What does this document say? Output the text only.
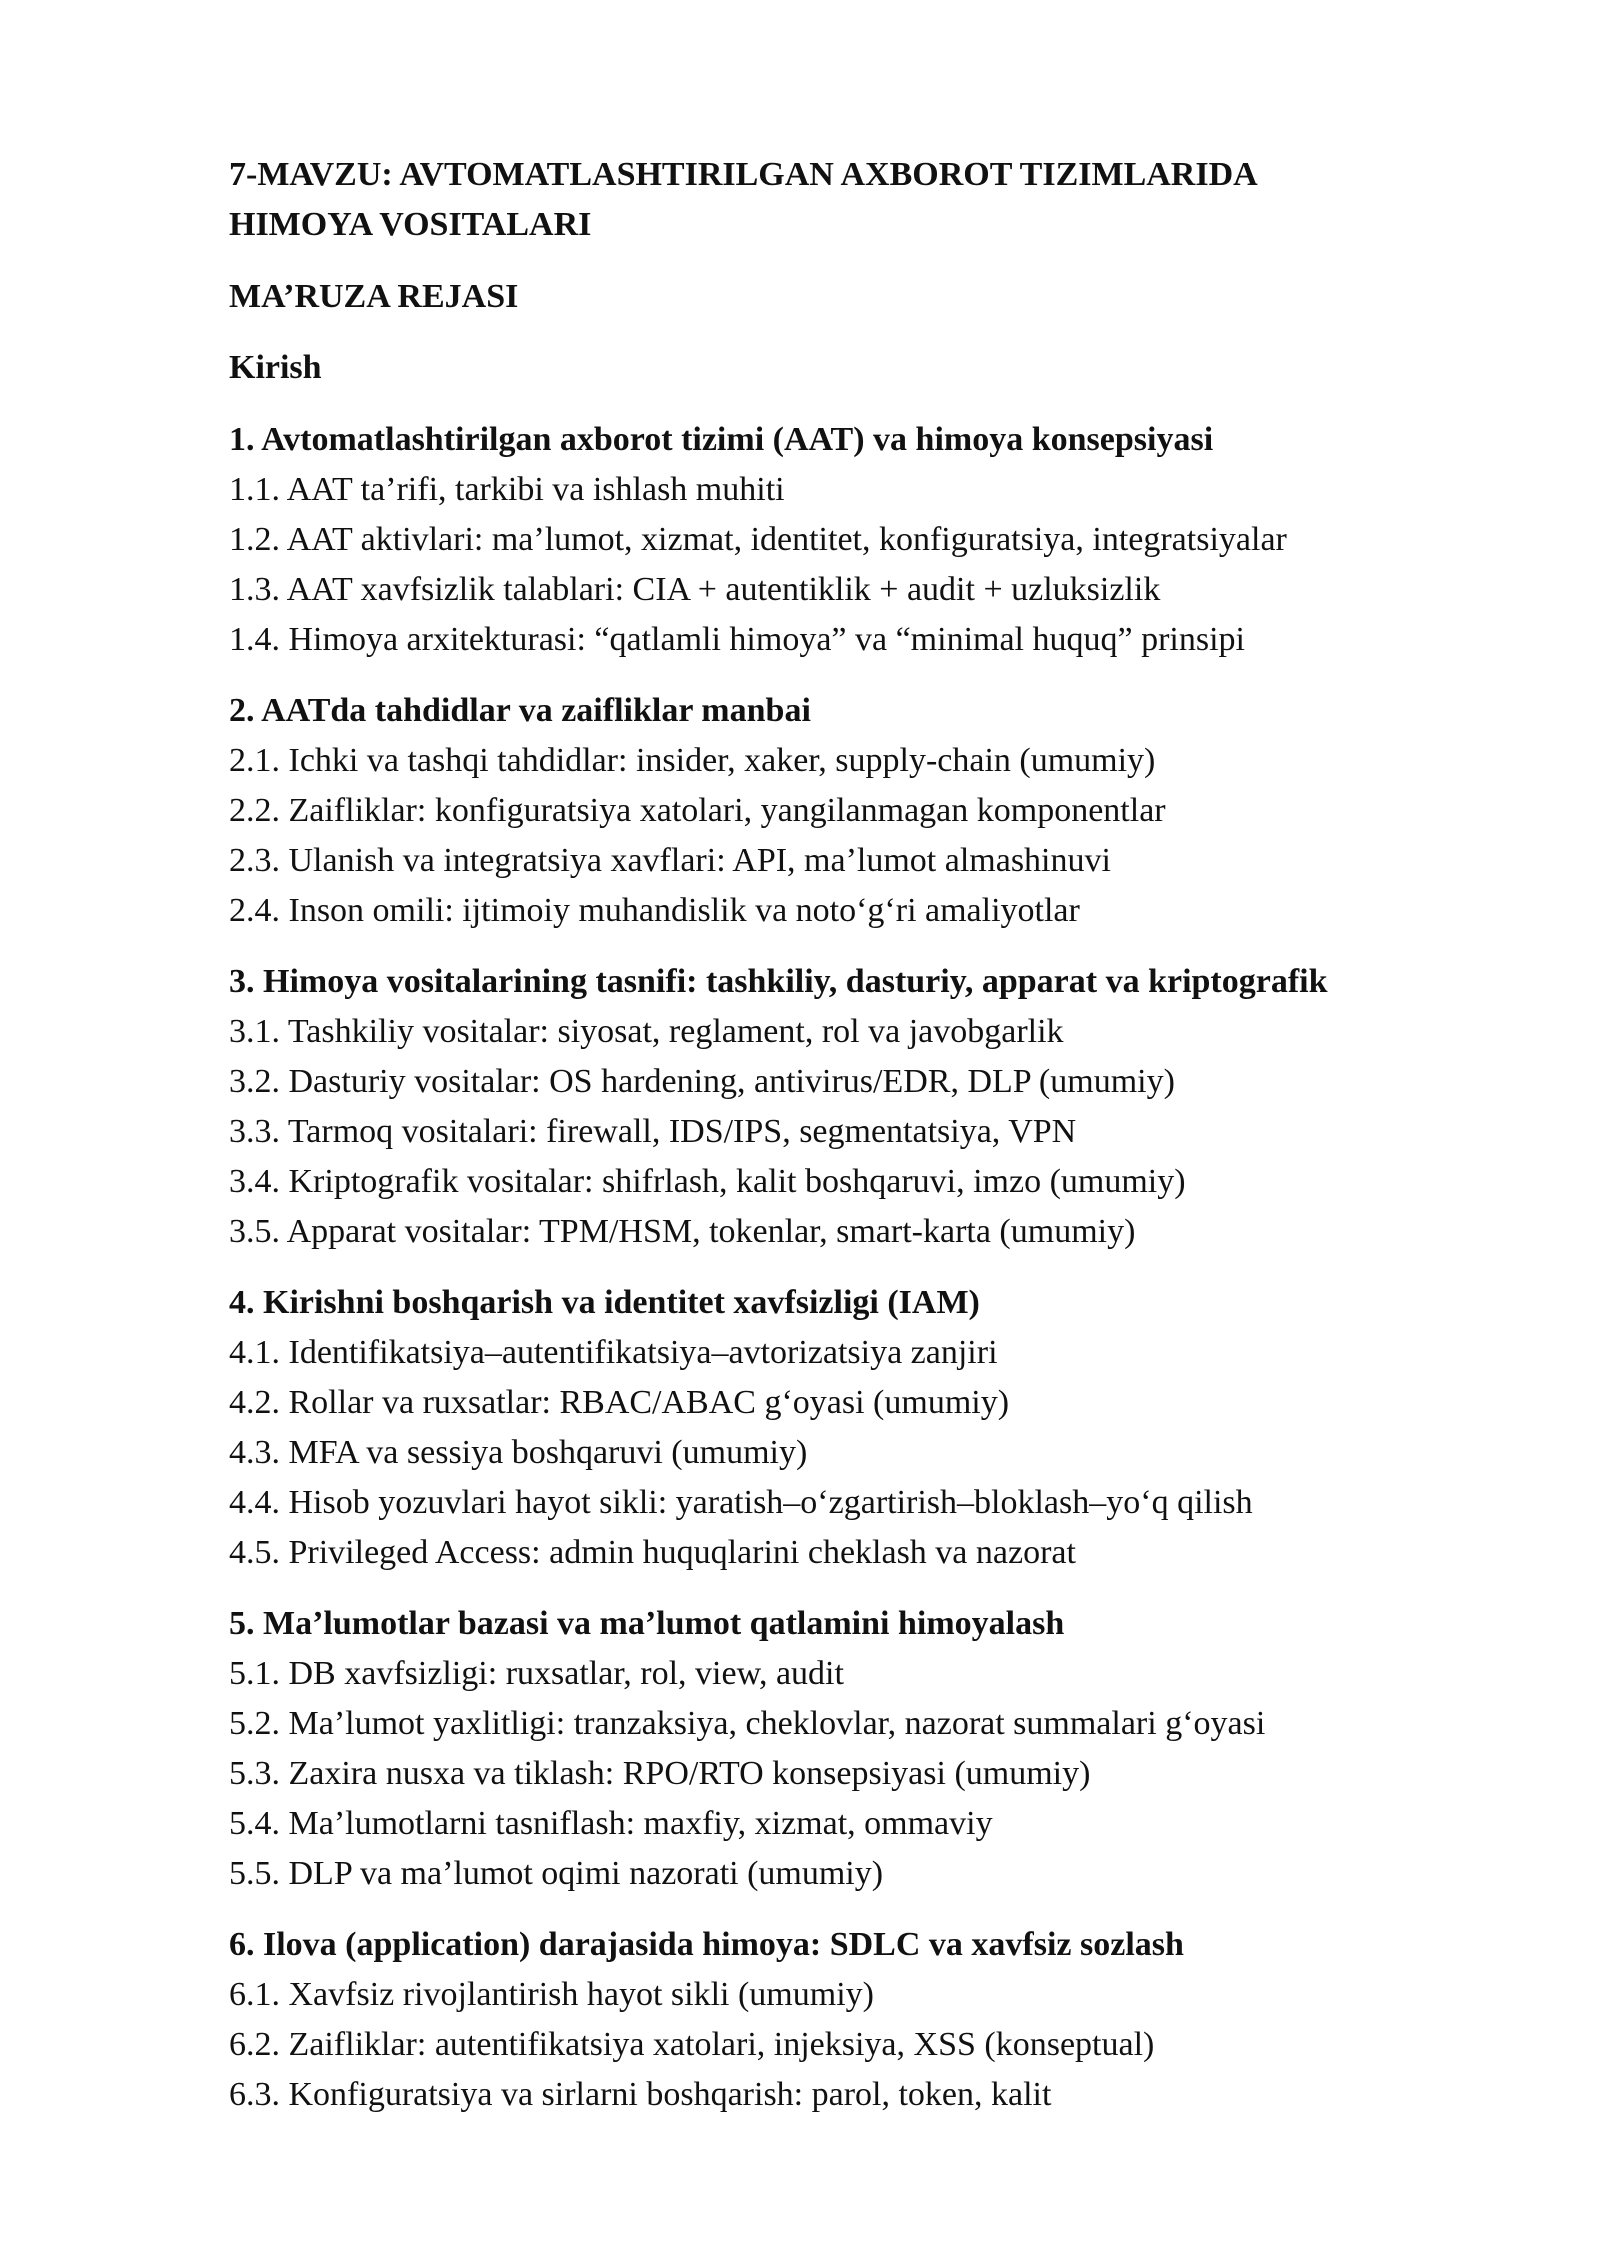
7-MAVZU: AVTOMATLASHTIRILGAN AXBOROT TIZIMLARIDA
HIMOYA VOSITALARI
MA’RUZA REJASI
Kirish
1. Avtomatlashtirilgan axborot tizimi (AAT) va himoya konsepsiyasi
1.1. AAT ta’rifi, tarkibi va ishlash muhiti
1.2. AAT aktivlari: ma’lumot, xizmat, identitet, konfiguratsiya, integratsiyalar
1.3. AAT xavfsizlik talablari: CIA + autentiklik + audit + uzluksizlik
1.4. Himoya arxitekturasi: “qatlamli himoya” va “minimal huquq” prinsipi
2. AATda tahdidlar va zaifliklar manbai
2.1. Ichki va tashqi tahdidlar: insider, xaker, supply-chain (umumiy)
2.2. Zaifliklar: konfiguratsiya xatolari, yangilanmagan komponentlar
2.3. Ulanish va integratsiya xavflari: API, ma’lumot almashinuvi
2.4. Inson omili: ijtimoiy muhandislik va noto‘g‘ri amaliyotlar
3. Himoya vositalarining tasnifi: tashkiliy, dasturiy, apparat va kriptografik
3.1. Tashkiliy vositalar: siyosat, reglament, rol va javobgarlik
3.2. Dasturiy vositalar: OS hardening, antivirus/EDR, DLP (umumiy)
3.3. Tarmoq vositalari: firewall, IDS/IPS, segmentatsiya, VPN
3.4. Kriptografik vositalar: shifrlash, kalit boshqaruvi, imzo (umumiy)
3.5. Apparat vositalar: TPM/HSM, tokenlar, smart-karta (umumiy)
4. Kirishni boshqarish va identitet xavfsizligi (IAM)
4.1. Identifikatsiya–autentifikatsiya–avtorizatsiya zanjiri
4.2. Rollar va ruxsatlar: RBAC/ABAC g‘oyasi (umumiy)
4.3. MFA va sessiya boshqaruvi (umumiy)
4.4. Hisob yozuvlari hayot sikli: yaratish–o‘zgartirish–bloklash–yo‘q qilish
4.5. Privileged Access: admin huquqlarini cheklash va nazorat
5. Ma’lumotlar bazasi va ma’lumot qatlamini himoyalash
5.1. DB xavfsizligi: ruxsatlar, rol, view, audit
5.2. Ma’lumot yaxlitligi: tranzaksiya, cheklovlar, nazorat summalari g‘oyasi
5.3. Zaxira nusxa va tiklash: RPO/RTO konsepsiyasi (umumiy)
5.4. Ma’lumotlarni tasniflash: maxfiy, xizmat, ommaviy
5.5. DLP va ma’lumot oqimi nazorati (umumiy)
6. Ilova (application) darajasida himoya: SDLC va xavfsiz sozlash
6.1. Xavfsiz rivojlantirish hayot sikli (umumiy)
6.2. Zaifliklar: autentifikatsiya xatolari, injeksiya, XSS (konseptual)
6.3. Konfiguratsiya va sirlarni boshqarish: parol, token, kalit
